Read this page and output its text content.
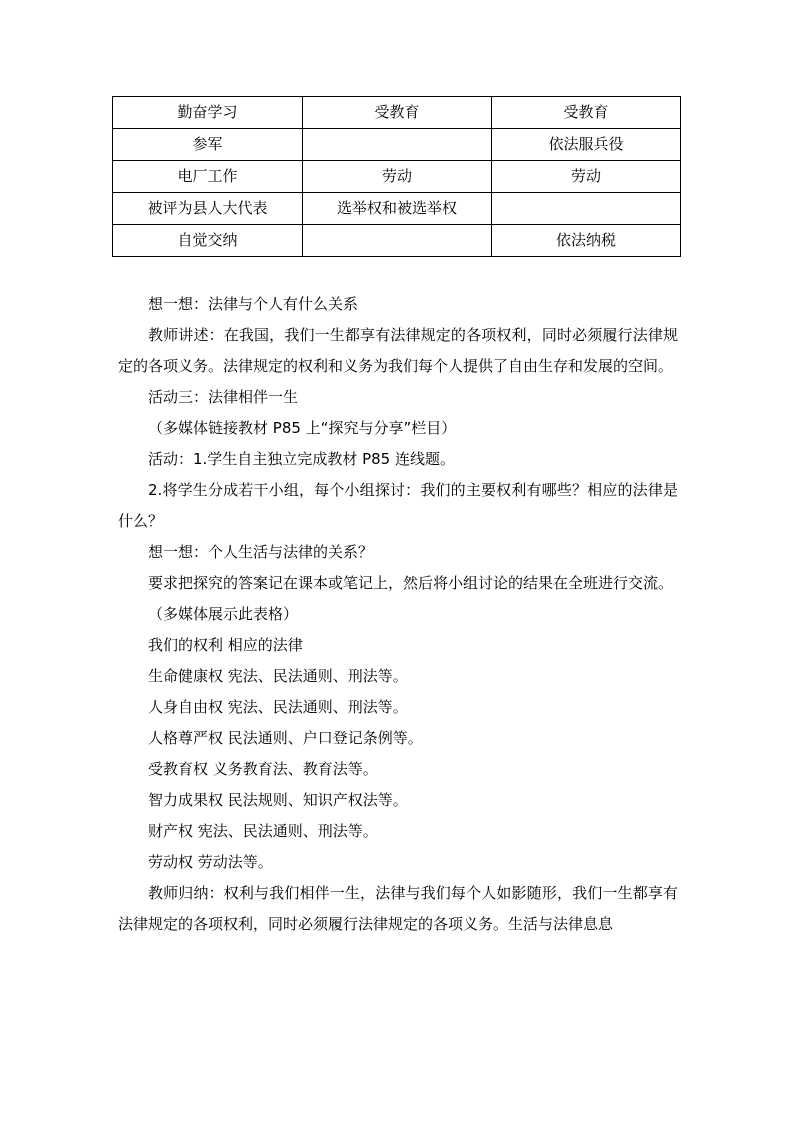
勤奋学习	受教育	受教育
参军		依法服兵役
电厂工作	劳动	劳动
被评为县人大代表	选举权和被选举权	
自觉交纳		依法纳税

想一想：法律与个人有什么关系

教师讲述：在我国，我们一生都享有法律规定的各项权利，同时必须履行法律规定的各项义务。法律规定的权利和义务为我们每个人提供了自由生存和发展的空间。

活动三：法律相伴一生

（多媒体链接教材 P85 上“探究与分享”栏目）

活动：1.学生自主独立完成教材 P85 连线题。

2.将学生分成若干小组，每个小组探讨：我们的主要权利有哪些？相应的法律是什么？

想一想：个人生活与法律的关系？

要求把探究的答案记在课本或笔记上，然后将小组讨论的结果在全班进行交流。

（多媒体展示此表格）

我们的权利 相应的法律

生命健康权 宪法、民法通则、刑法等。

人身自由权 宪法、民法通则、刑法等。

人格尊严权 民法通则、户口登记条例等。

受教育权 义务教育法、教育法等。

智力成果权 民法规则、知识产权法等。

财产权 宪法、民法通则、刑法等。

劳动权 劳动法等。

教师归纳：权利与我们相伴一生，法律与我们每个人如影随形，我们一生都享有法律规定的各项权利，同时必须履行法律规定的各项义务。生活与法律息息
